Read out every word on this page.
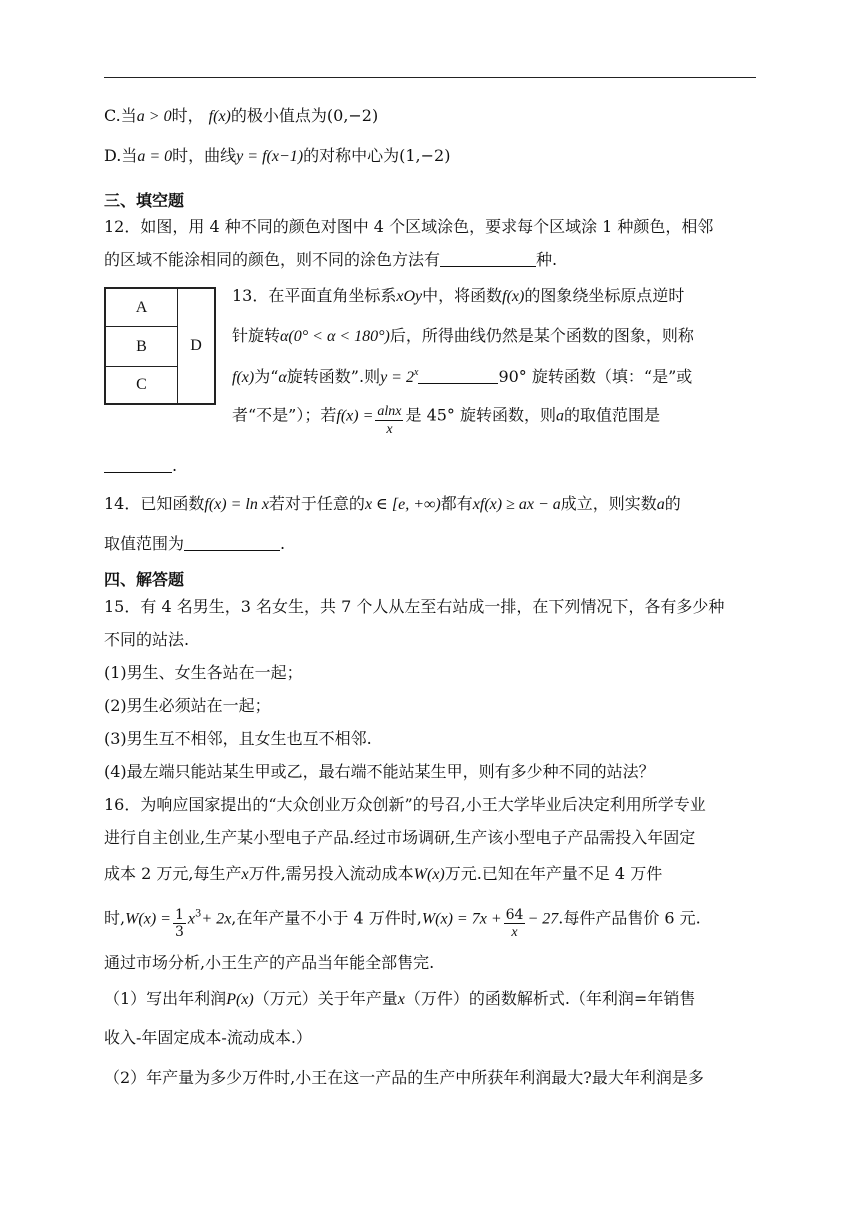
C.当a > 0时， f(x)的极小值点为(0,−2)
D.当a = 0时，曲线y = f(x−1)的对称中心为(1,−2)
三、填空题
12．如图，用 4 种不同的颜色对图中 4 个区域涂色，要求每个区域涂 1 种颜色，相邻
的区域不能涂相同的颜色，则不同的涂色方法有	种.
A
B
C
D
13．在平面直角坐标系xOy中，将函数f(x)的图象绕坐标原点逆时
针旋转α(0° < α < 180°)后，所得曲线仍然是某个函数的图象，则称
f(x)为“α旋转函数”.则$y = 2^x$	90° 旋转函数（填：“是”或
者“不是”）；若$f(x) = \frac{alnx}{x}$ 是 45° 旋转函数，则a的取值范围是
.
14．已知函数f(x) = ln x若对于任意的x ∈ [e, +∞)都有xf(x) ≥ ax − a成立，则实数a的
取值范围为	.
四、解答题
15．有 4 名男生，3 名女生，共 7 个人从左至右站成一排，在下列情况下，各有多少种
不同的站法.
(1)男生、女生各站在一起；
(2)男生必须站在一起；
(3)男生互不相邻，且女生也互不相邻.
(4)最左端只能站某生甲或乙，最右端不能站某生甲，则有多少种不同的站法？
16．为响应国家提出的“大众创业万众创新”的号召,小王大学毕业后决定利用所学专业
进行自主创业,生产某小型电子产品.经过市场调研,生产该小型电子产品需投入年固定
成本 2 万元,每生产x万件,需另投入流动成本W(x)万元.已知在年产量不足 4 万件
时$,W(x) = \frac{1}{3} x^3+ 2x$,在年产量不小于 4 万件时$,W(x) = 7x + \frac{64}{x} - 27$.每件产品售价 6 元.
通过市场分析,小王生产的产品当年能全部售完.
（1）写出年利润P(x)（万元）关于年产量x（万件）的函数解析式.（年利润=年销售
收入-年固定成本-流动成本.）
（2）年产量为多少万件时,小王在这一产品的生产中所获年利润最大?最大年利润是多
